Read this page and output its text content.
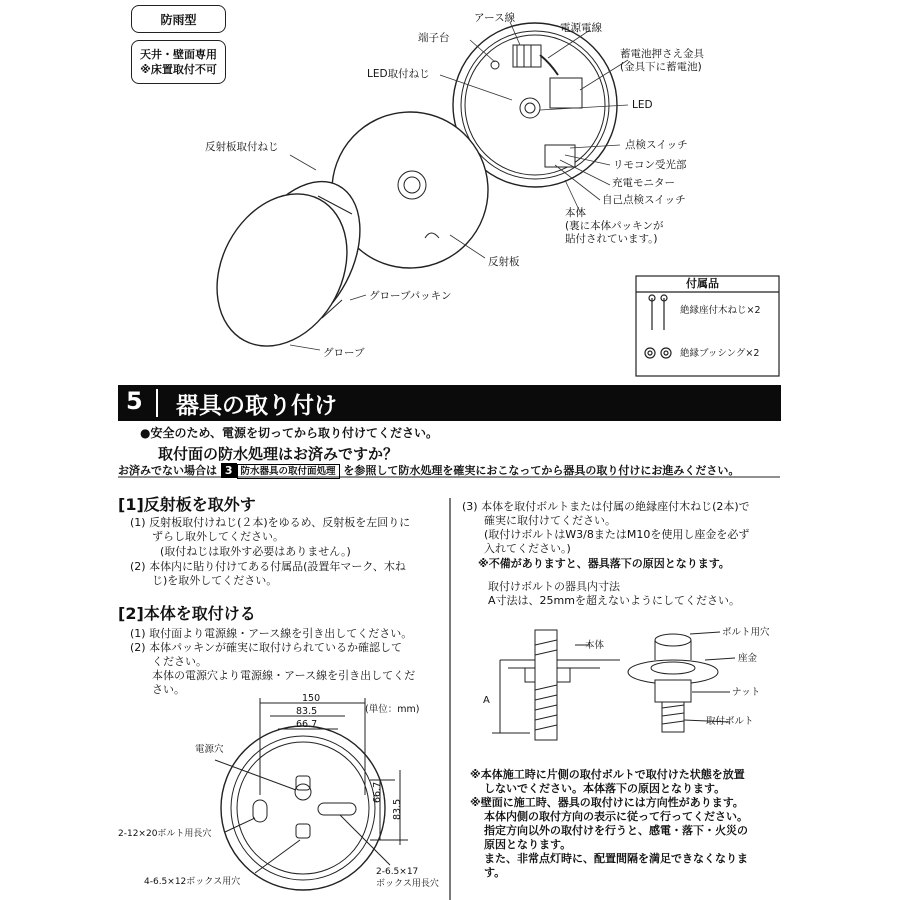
防雨型
天井・壁面専用
※床置取付不可
アース線
電源電線
端子台
LED取付ねじ
蓄電池押さえ金具
(金具下に蓄電池)
LED
点検スイッチ
リモコン受光部
充電モニター
自己点検スイッチ
本体
(裏に本体パッキンが
貼付されています。)
反射板取付ねじ
反射板
グローブパッキン
グローブ
付属品
絶縁座付木ねじ×2
絶縁ブッシング×2
5 器具の取り付け
●安全のため、電源を切ってから取り付けてください。
取付面の防水処理はお済みですか？
お済みでない場合は 3 防水器具の取付面処理 を参照して防水処理を確実におこなってから器具の取り付けにお進みください。
[1]反射板を取外す
(1) 反射板取付けねじ(２本)をゆるめ、反射板を左回りに
ずらし取外してください。
(取付ねじは取外す必要はありません。)
(2) 本体内に貼り付けてある付属品(設置年マーク、木ね
じ)を取外してください。
[2]本体を取付ける
(1) 取付面より電源線・アース線を引き出してください。
(2) 本体パッキンが確実に取付けられているか確認して
ください。
本体の電源穴より電源線・アース線を引き出してくだ
さい。
(3) 本体を取付ボルトまたは付属の絶縁座付木ねじ(2本)で
確実に取付けてください。
(取付けボルトはW3/8またはM10を使用し座金を必ず
入れてください。)
※不備がありますと、器具落下の原因となります。
取付けボルトの器具内寸法
A寸法は、25mmを超えないようにしてください。
本体
A
ボルト用穴
座金
ナット
取付ボルト
150
83.5
66.7
(単位：mm)
66.7
83.5
電源穴
2-12×20ボルト用長穴
4-6.5×12ボックス用穴
2-6.5×17
ボックス用長穴
※本体施工時に片側の取付ボルトで取付けた状態を放置
しないでください。本体落下の原因となります。
※壁面に施工時、器具の取付けには方向性があります。
本体内側の取付方向の表示に従って行ってください。
指定方向以外の取付けを行うと、感電・落下・火災の
原因となります。
また、非常点灯時に、配置間隔を満足できなくなりま
す。
